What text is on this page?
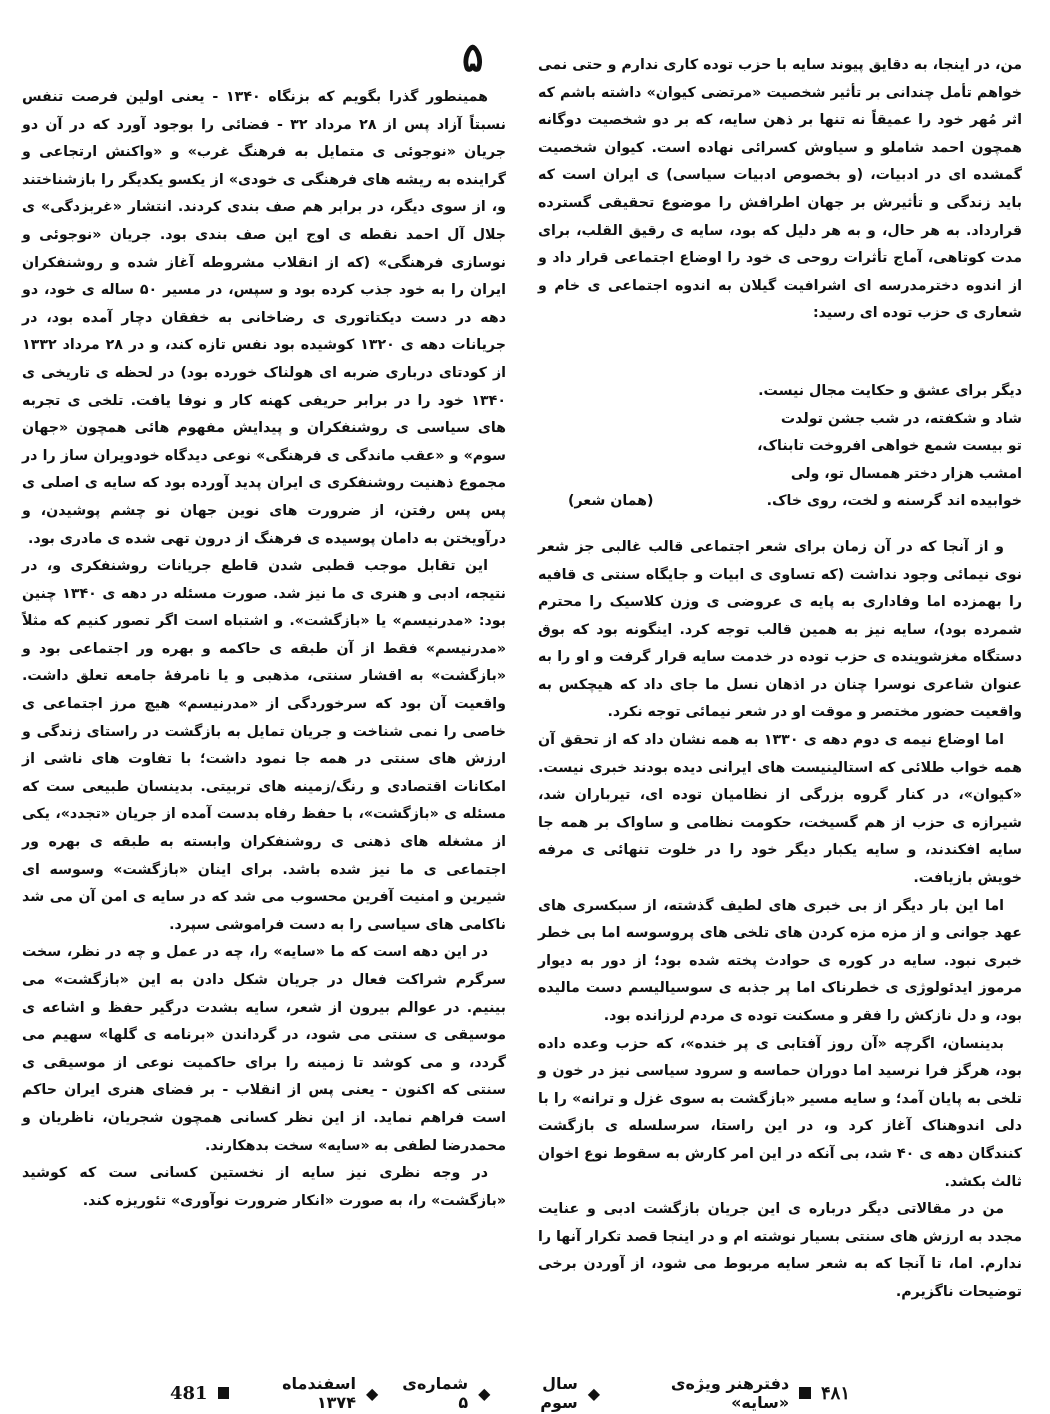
۵	من، در اینجا، به دقایق پیوند سایه با حزب توده کاری ندارم و حتی نمی خواهم تأمل چندانی بر تأثیر شخصیت «مرتضی کیوان» داشته باشم که اثر مُهر خود را عمیقاً نه تنها بر ذهن سایه، که بر دو شخصیت دوگانه همچون احمد شاملو و سیاوش کسرائی نهاده است. کیوان شخصیت گمشده ای در ادبیات، (و بخصوص ادبیات سیاسی) ی ایران است که باید زندگی و تأثیرش بر جهان اطرافش را موضوع تحقیقی گسترده قرارداد. به هر حال، و به هر دلیل که بود، سایه ی رقیق القلب، برای مدت کوتاهی، آماج تأثرات روحی ی خود را اوضاع اجتماعی قرار داد و از اندوه دخترمدرسه ای اشرافیت گیلان به اندوه اجتماعی ی خام و شعاری ی حزب توده ای رسید:

دیگر برای عشق و حکایت مجال نیست.
شاد و شکفته، در شب جشن تولدت
تو بیست شمع خواهی افروخت تابناک،
امشب هزار دختر همسال تو، ولی
خوابیده اند گرسنه و لخت، روی خاک.
(همان شعر)

و از آنجا که در آن زمان برای شعر اجتماعی قالب غالبی جز شعر نوی نیمائی وجود نداشت (که تساوی ی ابیات و جایگاه سنتی ی قافیه را بهمزده اما وفاداری به پایه ی عروضی ی وزن کلاسیک را محترم شمرده بود)، سایه نیز به همین قالب توجه کرد. اینگونه بود که بوق دستگاه مغزشوینده ی حزب توده در خدمت سایه قرار گرفت و او را به عنوان شاعری نوسرا چنان در اذهان نسل ما جای داد که هیچکس به واقعیت حضور مختصر و موقت او در شعر نیمائی توجه نکرد.

اما اوضاع نیمه ی دوم دهه ی ۱۳۳۰ به همه نشان داد که از تحقق آن همه خواب طلائی که استالینیست های ایرانی دیده بودند خبری نیست. «کیوان»، در کنار گروه بزرگی از نظامیان توده ای، تیرباران شد، شیرازه ی حزب از هم گسیخت، حکومت نظامی و ساواک بر همه جا سایه افکندند، و سایه یکبار دیگر خود را در خلوت تنهائی ی مرفه خویش بازیافت.

اما این بار دیگر از بی خبری های لطیف گذشته، از سبکسری های عهد جوانی و از مزه مزه کردن های تلخی های پروسوسه اما بی خطر خبری نبود. سایه در کوره ی حوادث پخته شده بود؛ از دور به دیوار مرموز ایدئولوژی ی خطرناک اما پر جذبه ی سوسیالیسم دست مالیده بود، و دل نازکش را فقر و مسکنت توده ی مردم لرزانده بود.

بدینسان، اگرچه «آن روز آفتابی ی پر خنده»، که حزب وعده داده بود، هرگز فرا نرسید اما دوران حماسه و سرود سیاسی نیز در خون و تلخی به پایان آمد؛ و سایه مسیر «بازگشت به سوی غزل و ترانه» را با دلی اندوهناک آغاز کرد و، در این راستا، سرسلسله ی بازگشت کنندگان دهه ی ۴۰ شد، بی آنکه در این امر کارش به سقوط نوع اخوان ثالث بکشد.

من در مقالاتی دیگر درباره ی این جریان بازگشت ادبی و عنایت مجدد به ارزش های سنتی بسیار نوشته ام و در اینجا قصد تکرار آنها را ندارم. اما، تا آنجا که به شعر سایه مربوط می شود، از آوردن برخی توضیحات ناگزیرم.

همینطور گذرا بگویم که بزنگاه ۱۳۴۰ - یعنی اولین فرصت تنفس نسبتاً آزاد پس از ۲۸ مرداد ۳۲ - فضائی را بوجود آورد که در آن دو جریان «نوجوئی ی متمایل به فرهنگ غرب» و «واکنش ارتجاعی و گراینده به ریشه های فرهنگی ی خودی» از یکسو یکدیگر را بازشناختند و، از سوی دیگر، در برابر هم صف بندی کردند. انتشار «غربزدگی» ی جلال آل احمد نقطه ی اوج این صف بندی بود. جریان «نوجوئی و نوسازی فرهنگی» (که از انقلاب مشروطه آغاز شده و روشنفکران ایران را به خود جذب کرده بود و سپس، در مسیر ۵۰ ساله ی خود، دو دهه در دست دیکتاتوری ی رضاخانی به خفقان دچار آمده بود، در جریانات دهه ی ۱۳۲۰ کوشیده بود نفس تازه کند، و در ۲۸ مرداد ۱۳۳۲ از کودتای درباری ضربه ای هولناک خورده بود) در لحظه ی تاریخی ی ۱۳۴۰ خود را در برابر حریفی کهنه کار و نوفا یافت. تلخی ی تجربه های سیاسی ی روشنفکران و پیدایش مفهوم هائی همچون «جهان سوم» و «عقب ماندگی ی فرهنگی» نوعی دیدگاه خودویران ساز را در مجموع ذهنیت روشنفکری ی ایران پدید آورده بود که سایه ی اصلی ی پس پس رفتن، از ضرورت های نوین جهان نو چشم پوشیدن، و درآویختن به دامان پوسیده ی فرهنگ از درون تهی شده ی مادری بود.

این تقابل موجب قطبی شدن قاطع جریانات روشنفکری و، در نتیجه، ادبی و هنری ی ما نیز شد. صورت مسئله در دهه ی ۱۳۴۰ چنین بود: «مدرنیسم» یا «بازگشت». و اشتباه است اگر تصور کنیم که مثلاً «مدرنیسم» فقط از آن طبقه ی حاکمه و بهره ور اجتماعی بود و «بازگشت» به اقشار سنتی، مذهبی و یا نامرفهٔ جامعه تعلق داشت. واقعیت آن بود که سرخوردگی از «مدرنیسم» هیچ مرز اجتماعی ی خاصی را نمی شناخت و جریان تمایل به بازگشت در راستای زندگی و ارزش های سنتی در همه جا نمود داشت؛ با تفاوت های ناشی از امکانات اقتصادی و رنگ/زمینه های تربیتی. بدینسان طبیعی ست که مسئله ی «بازگشت»، با حفظ رفاه بدست آمده از جریان «تجدد»، یکی از مشغله های ذهنی ی روشنفکران وابسته به طبقه ی بهره ور اجتماعی ی ما نیز شده باشد. برای اینان «بازگشت» وسوسه ای شیرین و امنیت آفرین محسوب می شد که در سایه ی امن آن می شد ناکامی های سیاسی را به دست فراموشی سپرد.

در این دهه است که ما «سایه» را، چه در عمل و چه در نظر، سخت سرگرم شراکت فعال در جریان شکل دادن به این «بازگشت» می بینیم. در عوالم بیرون از شعر، سایه بشدت درگیر حفظ و اشاعه ی موسیقی ی سنتی می شود، در گرداندن «برنامه ی گلها» سهیم می گردد، و می کوشد تا زمینه را برای حاکمیت نوعی از موسیقی ی سنتی که اکنون - یعنی پس از انقلاب - بر فضای هنری ایران حاکم است فراهم نماید. از این نظر کسانی همچون شجریان، ناظریان و محمدرضا لطفی به «سایه» سخت بدهکارند.

در وجه نظری نیز سایه از نخستین کسانی ست که کوشید «بازگشت» را، به صورت «انکار ضرورت نوآوری» تئوریزه کند.

۴۸۱
دفترهنر ویژه‌ی «سایه»
◆
سال سوم
◆
شماره‌ی ۵
◆
اسفندماه ۱۳۷۴
481
